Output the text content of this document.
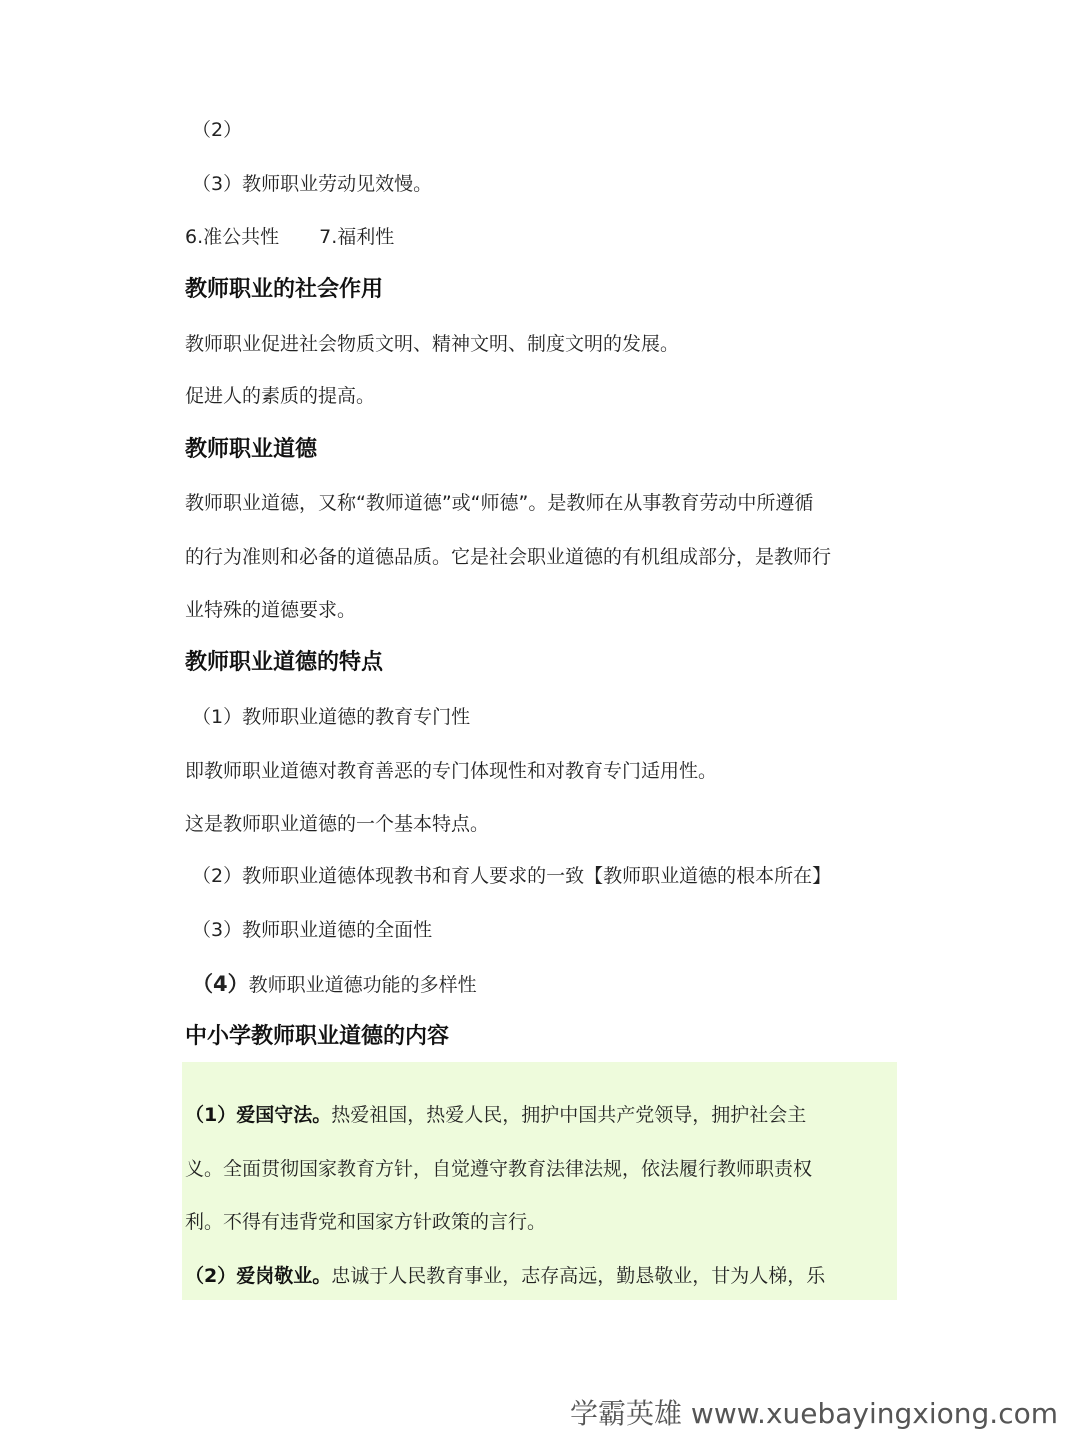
（2）
（3）教师职业劳动见效慢。
6.准公共性 7.福利性
教师职业的社会作用
教师职业促进社会物质文明、精神文明、制度文明的发展。
促进人的素质的提高。
教师职业道德
教师职业道德，又称“教师道德”或“师德”。是教师在从事教育劳动中所遵循
的行为准则和必备的道德品质。它是社会职业道德的有机组成部分，是教师行
业特殊的道德要求。
教师职业道德的特点
（1）教师职业道德的教育专门性
即教师职业道德对教育善恶的专门体现性和对教育专门适用性。
这是教师职业道德的一个基本特点。
（2）教师职业道德体现教书和育人要求的一致【教师职业道德的根本所在】
（3）教师职业道德的全面性
（4）教师职业道德功能的多样性
中小学教师职业道德的内容
（1）爱国守法。热爱祖国，热爱人民，拥护中国共产党领导，拥护社会主
义。全面贯彻国家教育方针，自觉遵守教育法律法规，依法履行教师职责权
利。不得有违背党和国家方针政策的言行。
（2）爱岗敬业。忠诚于人民教育事业，志存高远，勤恳敬业，甘为人梯，乐
学霸英雄 www.xuebayingxiong.com
